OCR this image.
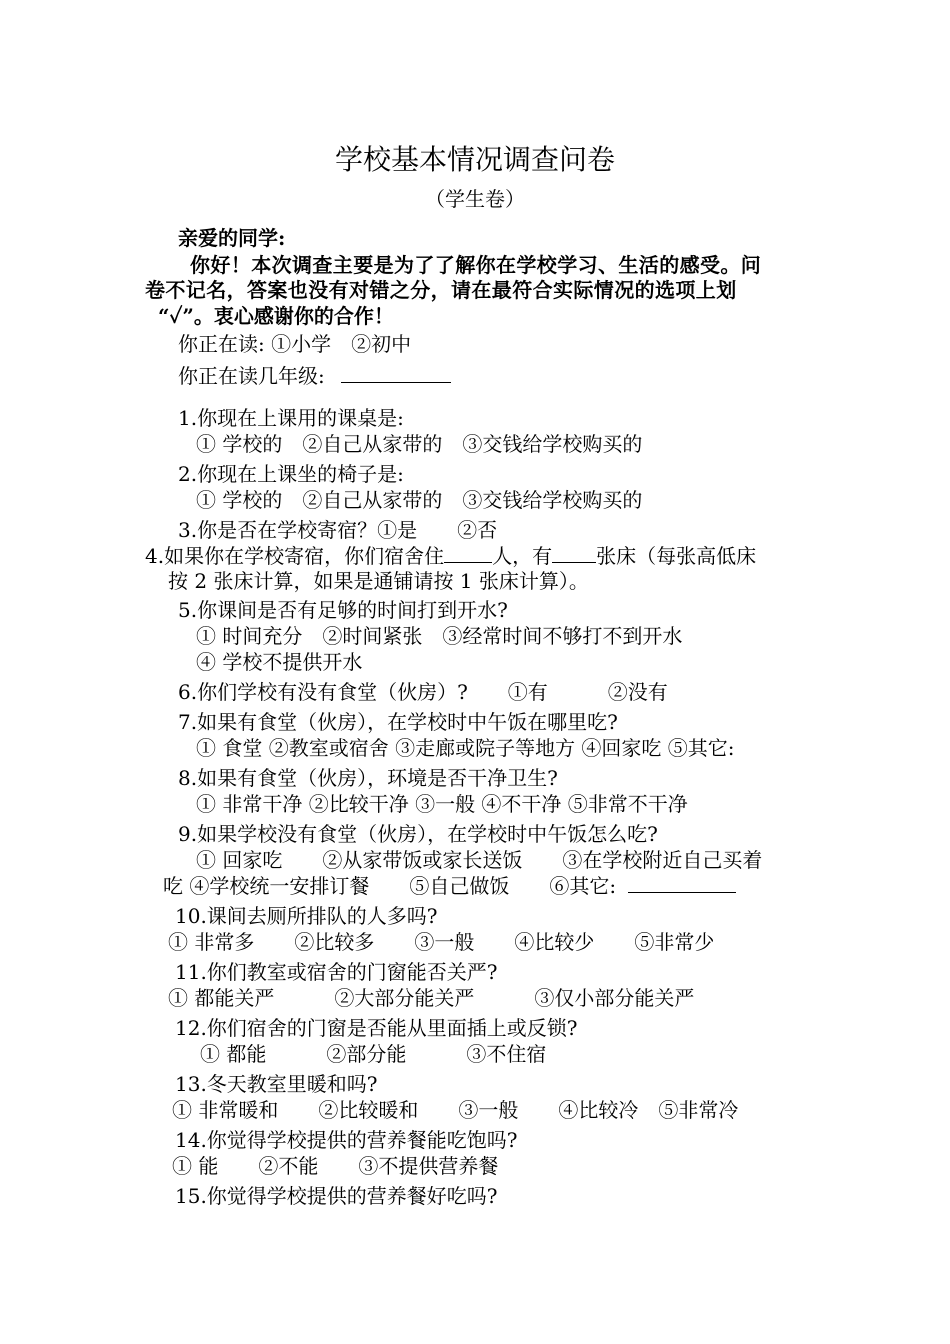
学校基本情况调查问卷
（学生卷）
亲爱的同学:
你好！本次调查主要是为了了解你在学校学习、生活的感受。问
卷不记名，答案也没有对错之分，请在最符合实际情况的选项上划
“✓”。衷心感谢你的合作！
你正在读: ①小学　②初中
你正在读几年级:
1.你现在上课用的课桌是:
① 学校的　②自己从家带的　③交钱给学校购买的
2.你现在上课坐的椅子是:
① 学校的　②自己从家带的　③交钱给学校购买的
3.你是否在学校寄宿？①是　　②否
4.如果你在学校寄宿，你们宿舍住 人，有 张床（每张高低床
按 2 张床计算，如果是通铺请按 1 张床计算）。
5.你课间是否有足够的时间打到开水?
① 时间充分　②时间紧张　③经常时间不够打不到开水
④ 学校不提供开水
6.你们学校有没有食堂（伙房）?　　①有　　　②没有
7.如果有食堂（伙房），在学校时中午饭在哪里吃?
① 食堂 ②教室或宿舍 ③走廊或院子等地方 ④回家吃 ⑤其它:
8.如果有食堂（伙房），环境是否干净卫生?
① 非常干净 ②比较干净 ③一般 ④不干净 ⑤非常不干净
9.如果学校没有食堂（伙房），在学校时中午饭怎么吃?
① 回家吃　　②从家带饭或家长送饭　　③在学校附近自己买着
吃 ④学校统一安排订餐　　⑤自己做饭　　⑥其它:
10.课间去厕所排队的人多吗?
① 非常多　　②比较多　　③一般　　④比较少　　⑤非常少
11.你们教室或宿舍的门窗能否关严?
① 都能关严　　　②大部分能关严　　　③仅小部分能关严
12.你们宿舍的门窗是否能从里面插上或反锁?
① 都能　　　②部分能　　　③不住宿
13.冬天教室里暖和吗?
① 非常暖和　　②比较暖和　　③一般　　④比较冷　⑤非常冷
14.你觉得学校提供的营养餐能吃饱吗?
① 能　　②不能　　③不提供营养餐
15.你觉得学校提供的营养餐好吃吗?
